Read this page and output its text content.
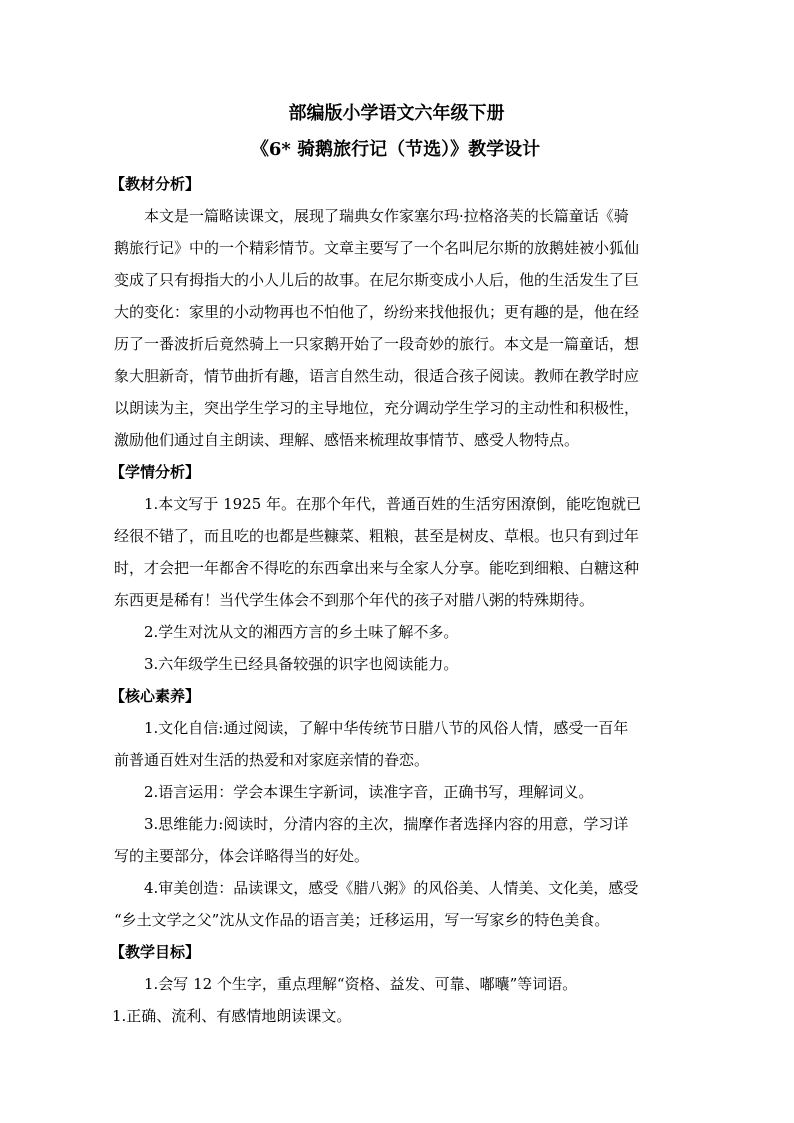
部编版小学语文六年级下册
《6* 骑鹅旅行记（节选）》教学设计

【教材分析】

本文是一篇略读课文，展现了瑞典女作家塞尔玛·拉格洛芙的长篇童话《骑
鹅旅行记》中的一个精彩情节。文章主要写了一个名叫尼尔斯的放鹅娃被小狐仙
变成了只有拇指大的小人儿后的故事。在尼尔斯变成小人后，他的生活发生了巨
大的变化：家里的小动物再也不怕他了，纷纷来找他报仇；更有趣的是，他在经
历了一番波折后竟然骑上一只家鹅开始了一段奇妙的旅行。本文是一篇童话，想
象大胆新奇，情节曲折有趣，语言自然生动，很适合孩子阅读。教师在教学时应
以朗读为主，突出学生学习的主导地位，充分调动学生学习的主动性和积极性，
激励他们通过自主朗读、理解、感悟来梳理故事情节、感受人物特点。

【学情分析】

1.本文写于 1925 年。在那个年代，普通百姓的生活穷困潦倒，能吃饱就已
经很不错了，而且吃的也都是些糠菜、粗粮，甚至是树皮、草根。也只有到过年
时，才会把一年都舍不得吃的东西拿出来与全家人分享。能吃到细粮、白糖这种
东西更是稀有！当代学生体会不到那个年代的孩子对腊八粥的特殊期待。

2.学生对沈从文的湘西方言的乡土味了解不多。

3.六年级学生已经具备较强的识字也阅读能力。

【核心素养】

1.文化自信:通过阅读，了解中华传统节日腊八节的风俗人情，感受一百年
前普通百姓对生活的热爱和对家庭亲情的眷恋。

2.语言运用：学会本课生字新词，读准字音，正确书写，理解词义。

3.思维能力:阅读时，分清内容的主次，揣摩作者选择内容的用意，学习详
写的主要部分，体会详略得当的好处。

4.审美创造：品读课文，感受《腊八粥》的风俗美、人情美、文化美，感受
“乡土文学之父”沈从文作品的语言美；迁移运用，写一写家乡的特色美食。

【教学目标】

1.会写 12 个生字，重点理解“资格、益发、可靠、嘟囔”等词语。

1.正确、流利、有感情地朗读课文。
